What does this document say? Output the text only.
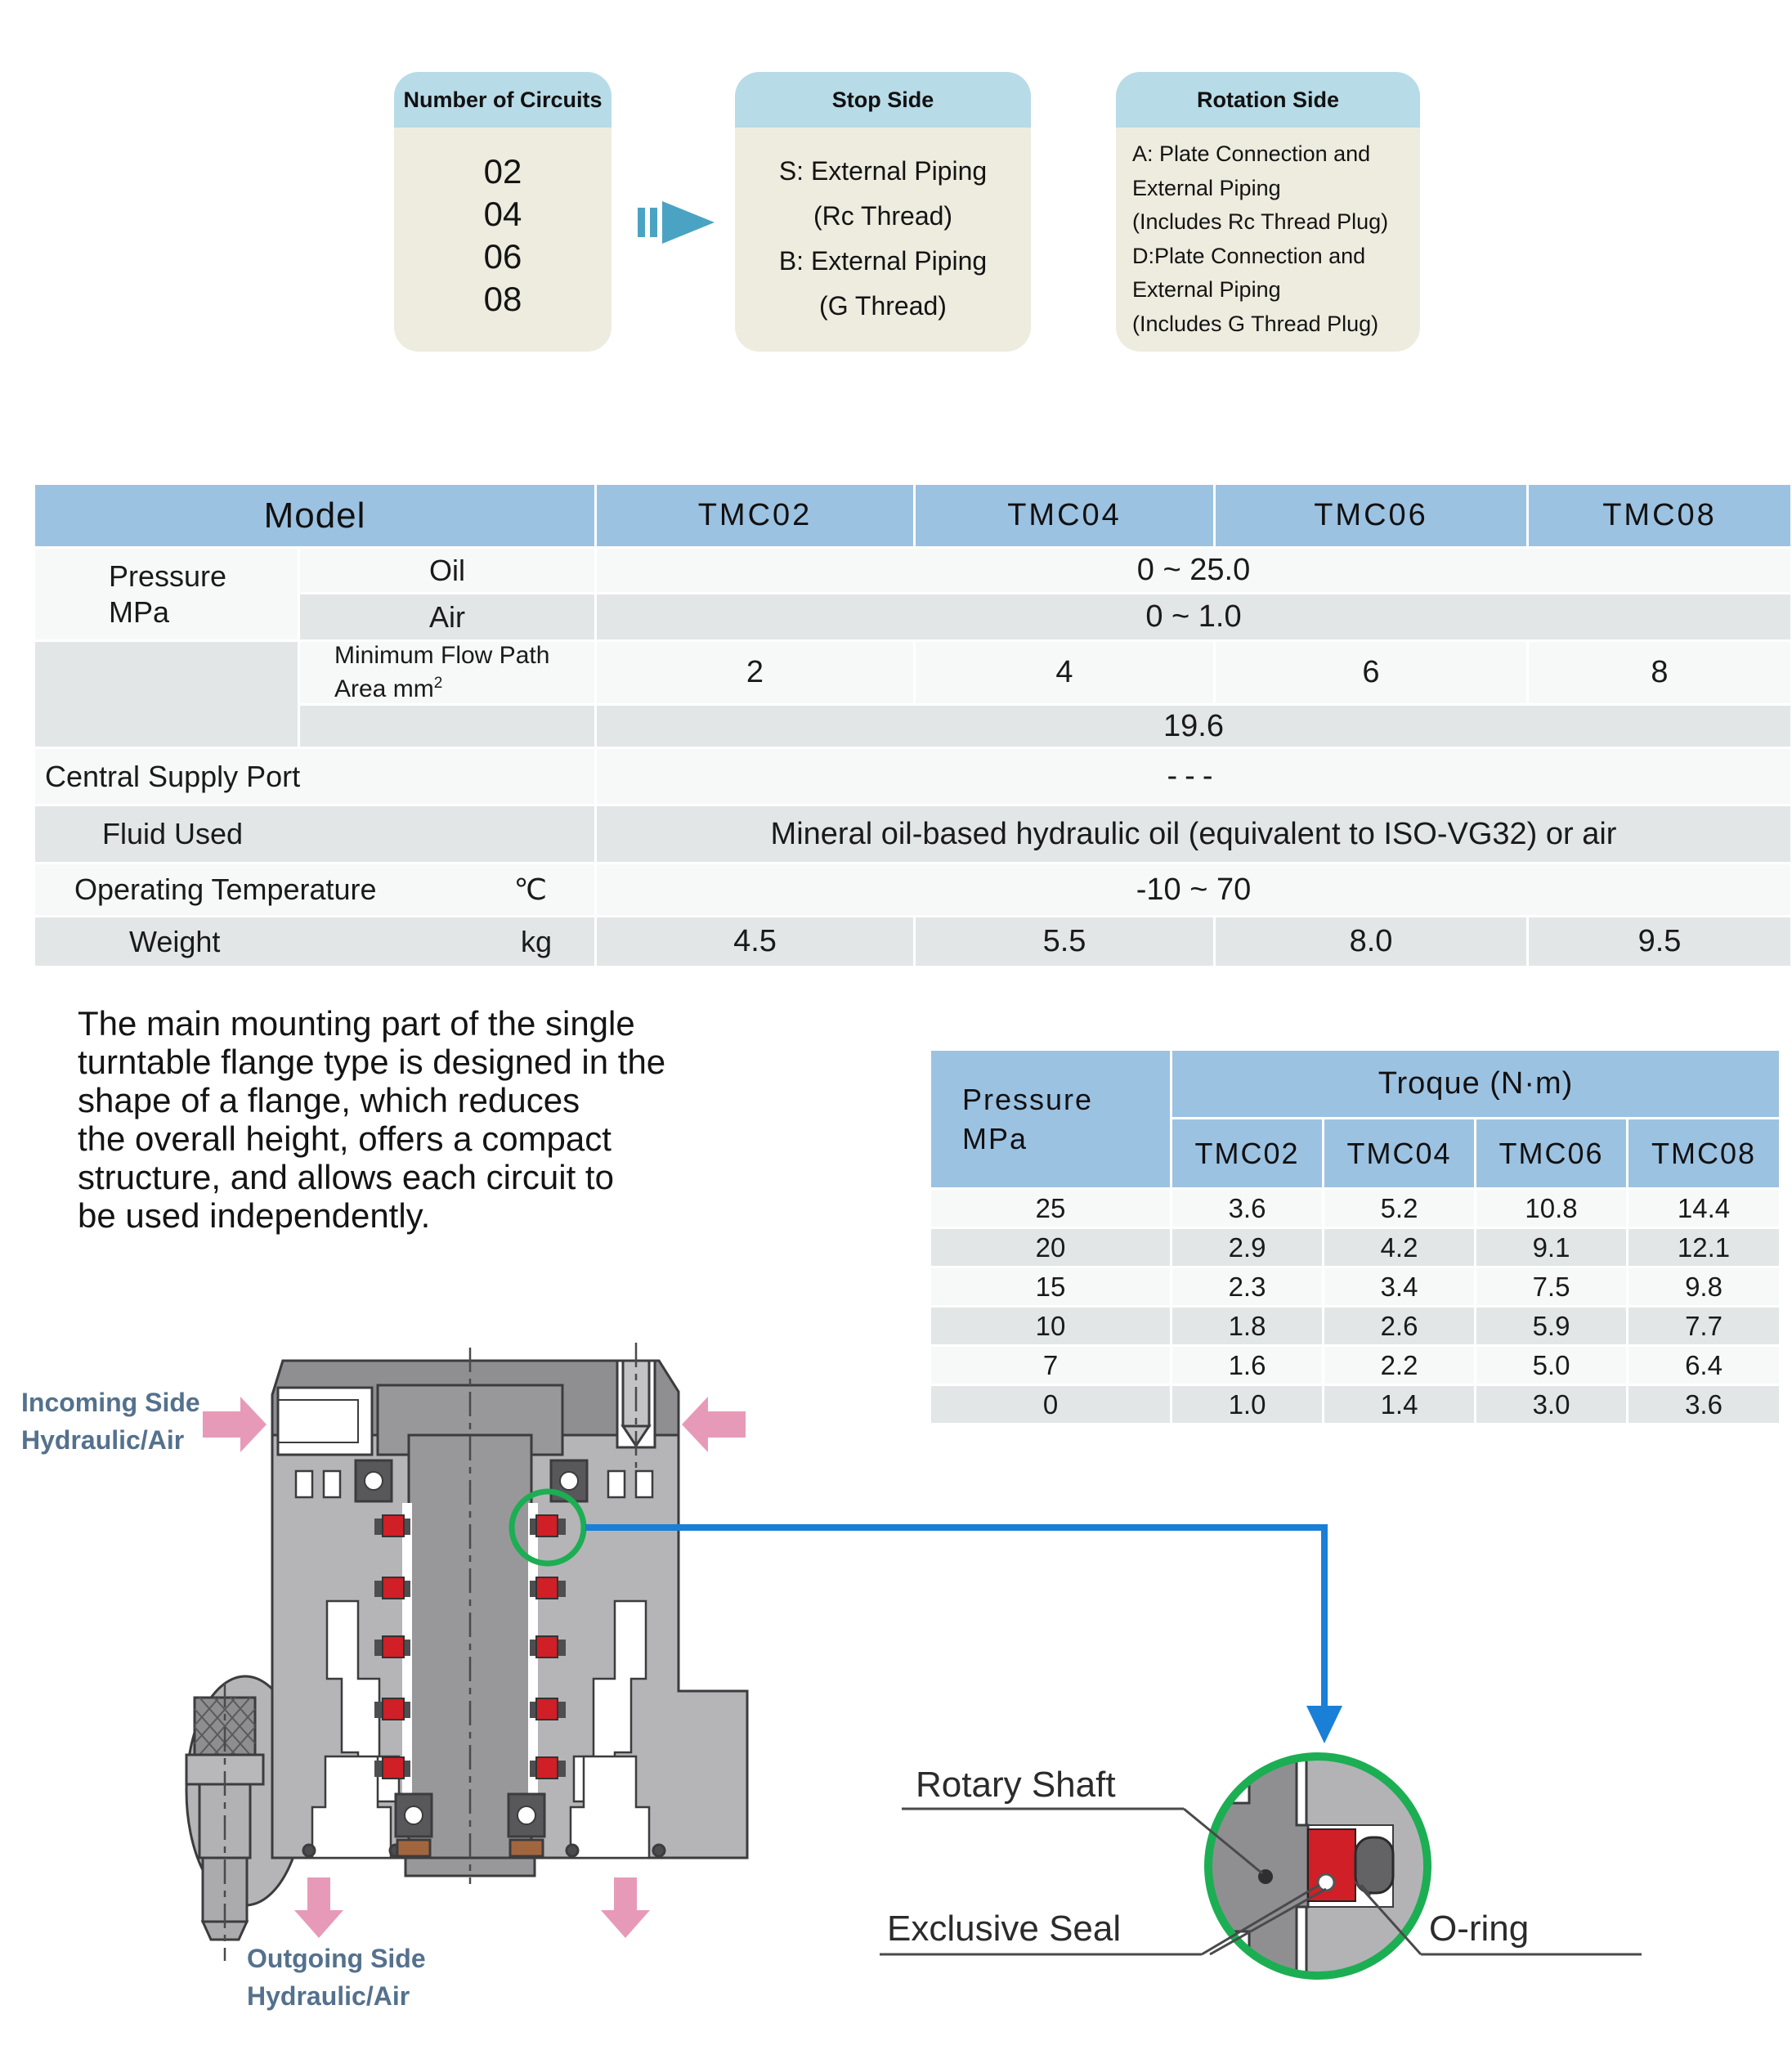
Number of Circuits
02
04
06
08
Stop Side
S: External Piping
(Rc Thread)
B: External Piping
(G Thread)
Rotation Side
A: Plate Connection and
External Piping
(Includes Rc Thread Plug)
D:Plate Connection and
External Piping
(Includes G Thread Plug)
Model		TMC02	TMC04	TMC06	TMC08

Pressure
MPa	Oil	0 ~ 25.0			
	Air	0 ~ 1.0			

	Minimum Flow Path
Area $mm^2$	2	4	6	8
		19.6			
Central Supply Port		---			
Fluid Used		Mineral oil-based hydraulic oil (equivalent to ISO-VG32) or air			

Operating Temperature ℃		-10 ~ 70			

Weight kg		4.5	5.5	8.0	9.5
The main mounting part of the single
turntable flange type is designed in the
shape of a flange, which reduces
the overall height, offers a compact
structure, and allows each circuit to
be used independently.
Pressure
MPa	Troque (N·m)			
	TMC02	TMC04	TMC06	TMC08
25	3.6	5.2	10.8	14.4
20	2.9	4.2	9.1	12.1
15	2.3	3.4	7.5	9.8
10	1.8	2.6	5.9	7.7
7	1.6	2.2	5.0	6.4
0	1.0	1.4	3.0	3.6
Incoming Side
Hydraulic/Air
Outgoing Side
Hydraulic/Air
Rotary Shaft
Exclusive Seal	O-ring
